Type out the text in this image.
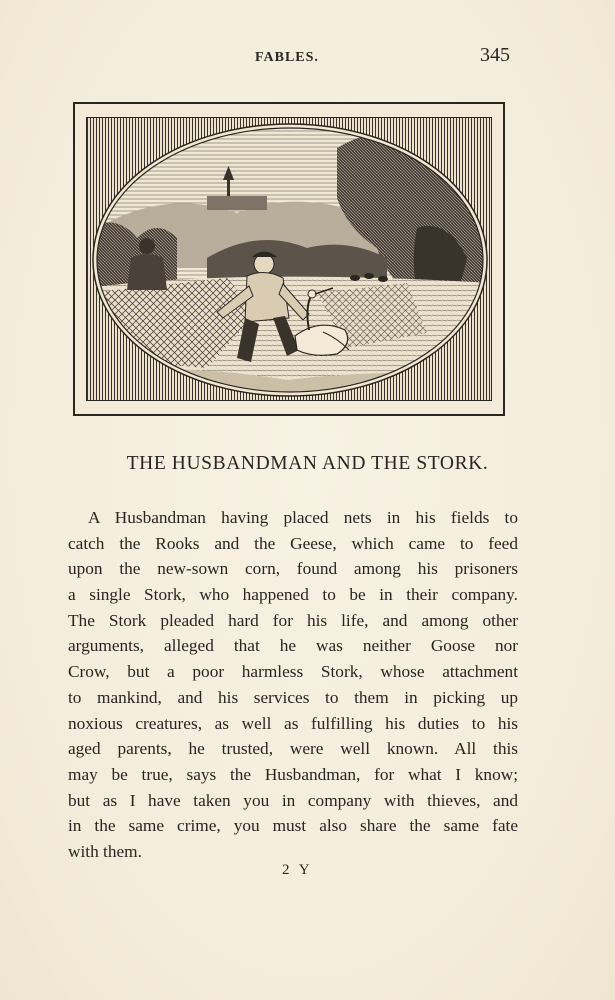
FABLES.	345
THE HUSBANDMAN AND THE STORK.
A Husbandman having placed nets in his fields to
catch the Rooks and the Geese, which came to feed
upon the new-sown corn, found among his prisoners
a single Stork, who happened to be in their company.
The Stork pleaded hard for his life, and among other
arguments, alleged that he was neither Goose nor
Crow, but a poor harmless Stork, whose attachment
to mankind, and his services to them in picking up
noxious creatures, as well as fulfilling his duties to his
aged parents, he trusted, were well known. All this
may be true, says the Husbandman, for what I know;
but as I have taken you in company with thieves, and
in the same crime, you must also share the same fate
with them.
2 Y
